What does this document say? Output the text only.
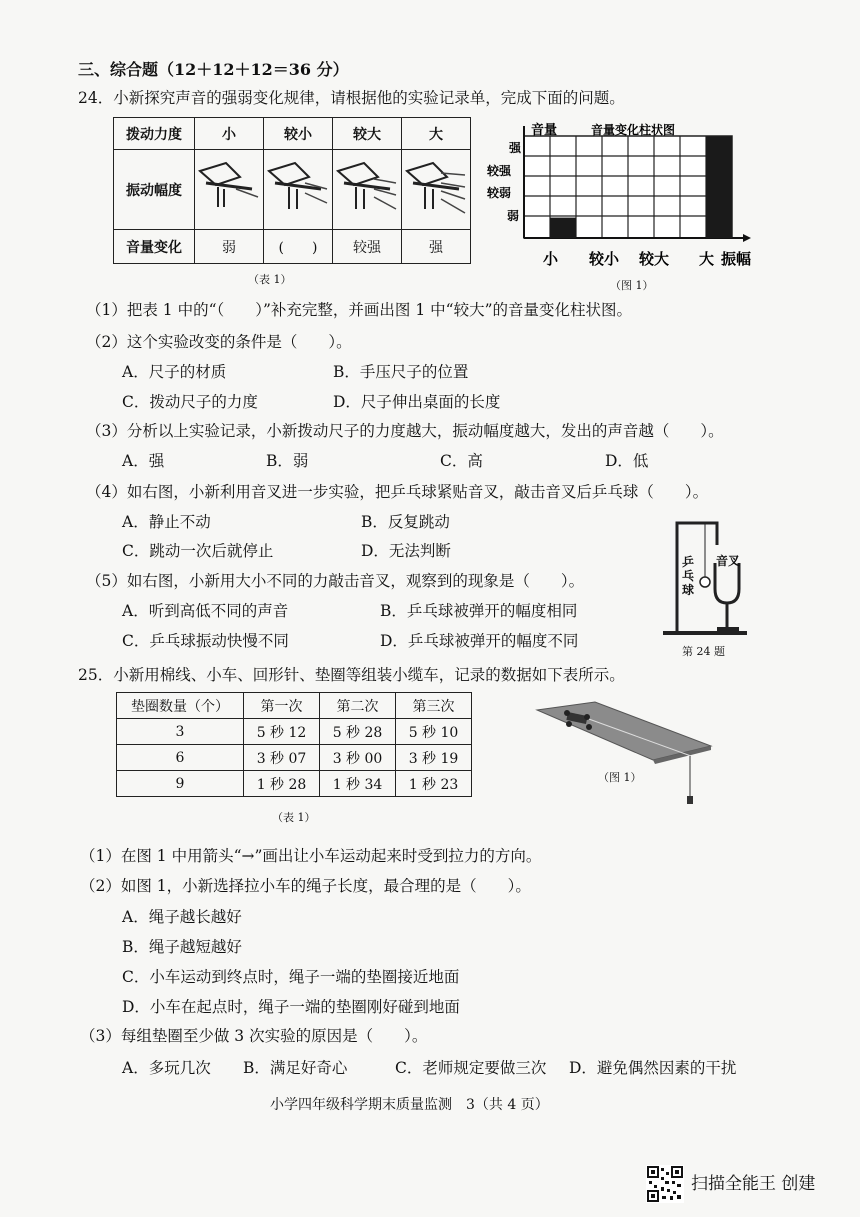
三、综合题（12＋12＋12＝36 分）
24．小新探究声音的强弱变化规律，请根据他的实验记录单，完成下面的问题。
拨动力度	小	较小	较大	大
振动幅度				
音量变化	弱	(　　)	较强	强
（表 1）
音量	音量变化柱状图
强
较强
较弱
弱
小 较小 较大 大 振幅
（图 1）
（1）把表 1 中的“（　　）”补充完整，并画出图 1 中“较大”的音量变化柱状图。
（2）这个实验改变的条件是（　　）。
A．尺子的材质	B．手压尺子的位置
C．拨动尺子的力度	D．尺子伸出桌面的长度
（3）分析以上实验记录，小新拨动尺子的力度越大，振动幅度越大，发出的声音越（　　）。
A．强	B．弱	C．高	D．低
（4）如右图，小新利用音叉进一步实验，把乒乓球紧贴音叉，敲击音叉后乒乓球（　　）。
A．静止不动	B．反复跳动
C．跳动一次后就停止	D．无法判断
（5）如右图，小新用大小不同的力敲击音叉，观察到的现象是（　　）。
A．听到高低不同的声音	B．乒乓球被弹开的幅度相同
C．乒乓球振动快慢不同	D．乒乓球被弹开的幅度不同
乒乓球
音叉
第 24 题
25．小新用棉线、小车、回形针、垫圈等组装小缆车，记录的数据如下表所示。
垫圈数量（个）	第一次	第二次	第三次
3	5 秒 12	5 秒 28	5 秒 10
6	3 秒 07	3 秒 00	3 秒 19
9	1 秒 28	1 秒 34	1 秒 23
（表 1）
（图 1）
（1）在图 1 中用箭头“→”画出让小车运动起来时受到拉力的方向。
（2）如图 1，小新选择拉小车的绳子长度，最合理的是（　　）。
A．绳子越长越好
B．绳子越短越好
C．小车运动到终点时，绳子一端的垫圈接近地面
D．小车在起点时，绳子一端的垫圈刚好碰到地面
（3）每组垫圈至少做 3 次实验的原因是（　　）。
A．多玩几次 B．满足好奇心	C．老师规定要做三次 D．避免偶然因素的干扰
小学四年级科学期末质量监测　3（共 4 页）
扫描全能王 创建
